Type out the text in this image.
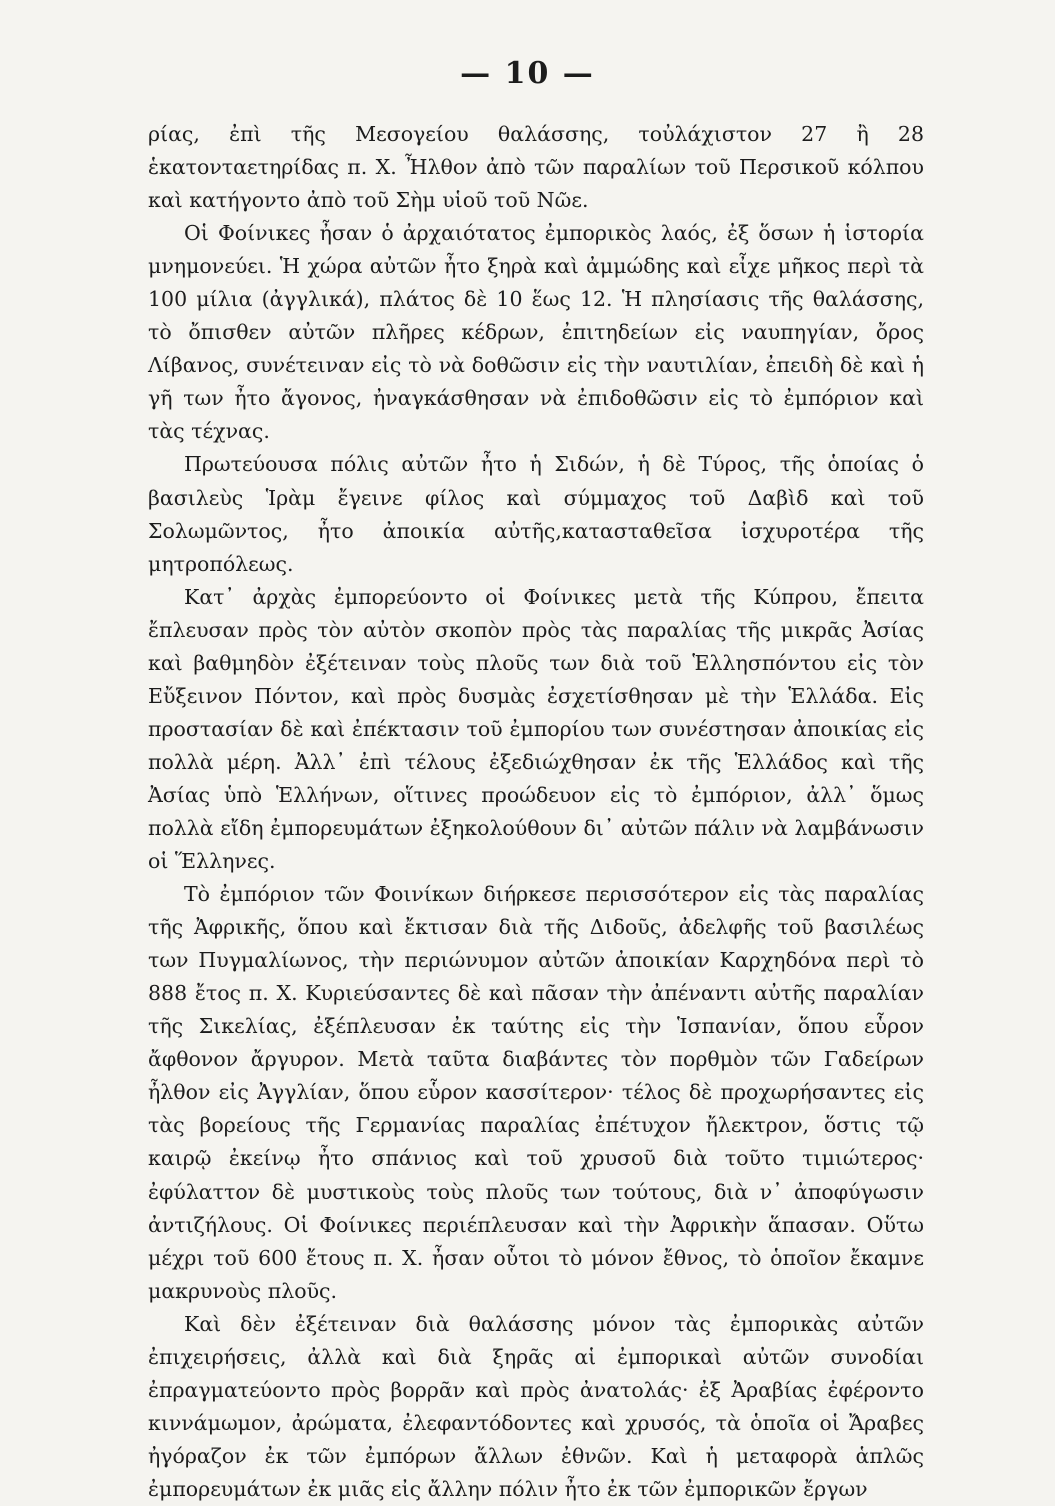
— 10 —

ρίας, ἐπὶ τῆς Μεσογείου θαλάσσης, τοὐλάχιστον 27 ἢ 28 ἑκατονταετηρίδας π. Χ. Ἦλθον ἀπὸ τῶν παραλίων τοῦ Περσικοῦ κόλπου καὶ κατήγοντο ἀπὸ τοῦ Σὴμ υἱοῦ τοῦ Νῶε.

Οἱ Φοίνικες ἦσαν ὁ ἀρχαιότατος ἐμπορικὸς λαός, ἐξ ὅσων ἡ ἱστορία μνημονεύει. Ἡ χώρα αὐτῶν ἦτο ξηρὰ καὶ ἀμμώδης καὶ εἶχε μῆκος περὶ τὰ 100 μίλια (ἀγγλικά), πλάτος δὲ 10 ἕως 12. Ἡ πλησίασις τῆς θαλάσσης, τὸ ὄπισθεν αὐτῶν πλῆρες κέδρων, ἐπιτηδείων εἰς ναυπηγίαν, ὄρος Λίβανος, συνέτειναν εἰς τὸ νὰ δοθῶσιν εἰς τὴν ναυτιλίαν, ἐπειδὴ δὲ καὶ ἡ γῆ των ἦτο ἄγονος, ἠναγκάσθησαν νὰ ἐπιδοθῶσιν εἰς τὸ ἐμπόριον καὶ τὰς τέχνας.

Πρωτεύουσα πόλις αὐτῶν ἦτο ἡ Σιδών, ἡ δὲ Τύρος, τῆς ὁποίας ὁ βασιλεὺς Ἱρὰμ ἔγεινε φίλος καὶ σύμμαχος τοῦ Δαβὶδ καὶ τοῦ Σολωμῶντος, ἦτο ἀποικία αὐτῆς,κατασταθεῖσα ἰσχυροτέρα τῆς μητροπόλεως.

Κατ᾽ ἀρχὰς ἐμπορεύοντο οἱ Φοίνικες μετὰ τῆς Κύπρου, ἔπειτα ἔπλευσαν πρὸς τὸν αὐτὸν σκοπὸν πρὸς τὰς παραλίας τῆς μικρᾶς Ἀσίας καὶ βαθμηδὸν ἐξέτειναν τοὺς πλοῦς των διὰ τοῦ Ἑλλησπόντου εἰς τὸν Εὔξεινον Πόντον, καὶ πρὸς δυσμὰς ἐσχετίσθησαν μὲ τὴν Ἑλλάδα. Εἰς προστασίαν δὲ καὶ ἐπέκτασιν τοῦ ἐμπορίου των συνέστησαν ἀποικίας εἰς πολλὰ μέρη. Ἀλλ᾽ ἐπὶ τέλους ἐξεδιώχθησαν ἐκ τῆς Ἑλλάδος καὶ τῆς Ἀσίας ὑπὸ Ἑλλήνων, οἵτινες προώδευον εἰς τὸ ἐμπόριον, ἀλλ᾽ ὅμως πολλὰ εἴδη ἐμπορευμάτων ἐξηκολούθουν δι᾽ αὐτῶν πάλιν νὰ λαμβάνωσιν οἱ Ἕλληνες.

Τὸ ἐμπόριον τῶν Φοινίκων διήρκεσε περισσότερον εἰς τὰς παραλίας τῆς Ἀφρικῆς, ὅπου καὶ ἔκτισαν διὰ τῆς Διδοῦς, ἀδελφῆς τοῦ βασιλέως των Πυγμαλίωνος, τὴν περιώνυμον αὐτῶν ἀποικίαν Καρχηδόνα περὶ τὸ 888 ἔτος π. Χ. Κυριεύσαντες δὲ καὶ πᾶσαν τὴν ἀπέναντι αὐτῆς παραλίαν τῆς Σικελίας, ἐξέπλευσαν ἐκ ταύτης εἰς τὴν Ἱσπανίαν, ὅπου εὗρον ἄφθονον ἄργυρον. Μετὰ ταῦτα διαβάντες τὸν πορθμὸν τῶν Γαδείρων ἦλθον εἰς Ἀγγλίαν, ὅπου εὗρον κασσίτερον· τέλος δὲ προχωρήσαντες εἰς τὰς βορείους τῆς Γερμανίας παραλίας ἐπέτυχον ἤλεκτρον, ὅστις τῷ καιρῷ ἐκείνῳ ἦτο σπάνιος καὶ τοῦ χρυσοῦ διὰ τοῦτο τιμιώτερος· ἐφύλαττον δὲ μυστικοὺς τοὺς πλοῦς των τούτους, διὰ ν᾽ ἀποφύγωσιν ἀντιζήλους. Οἱ Φοίνικες περιέπλευσαν καὶ τὴν Ἀφρικὴν ἅπασαν. Οὕτω μέχρι τοῦ 600 ἔτους π. Χ. ἦσαν οὗτοι τὸ μόνον ἔθνος, τὸ ὁποῖον ἔκαμνε μακρυνοὺς πλοῦς.

Καὶ δὲν ἐξέτειναν διὰ θαλάσσης μόνον τὰς ἐμπορικὰς αὐτῶν ἐπιχειρήσεις, ἀλλὰ καὶ διὰ ξηρᾶς αἱ ἐμπορικαὶ αὐτῶν συνοδίαι ἐπραγματεύοντο πρὸς βορρᾶν καὶ πρὸς ἀνατολάς· ἐξ Ἀραβίας ἐφέροντο κιννάμωμον, ἀρώματα, ἐλεφαντόδοντες καὶ χρυσός, τὰ ὁποῖα οἱ Ἄραβες ἠγόραζον ἐκ τῶν ἐμπόρων ἄλλων ἐθνῶν. Καὶ ἡ μεταφορὰ ἁπλῶς ἐμπορευμάτων ἐκ μιᾶς εἰς ἄλλην πόλιν ἦτο ἐκ τῶν ἐμπορικῶν ἔργων
